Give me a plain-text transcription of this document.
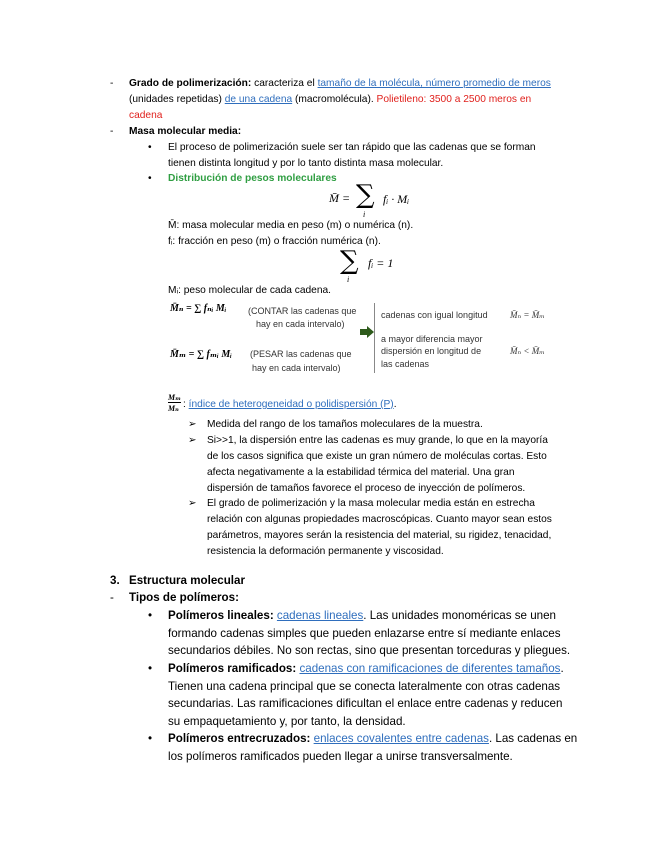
- Grado de polimerización: caracteriza el tamaño de la molécula, número promedio de meros
(unidades repetidas) de una cadena (macromolécula). Polietileno: 3500 a 2500 meros en
cadena
- Masa molecular media:
• El proceso de polimerización suele ser tan rápido que las cadenas que se forman
tienen distinta longitud y por lo tanto distinta masa molecular.
• Distribución de pesos moleculares
M̄ = ∑
i
fᵢ · Mᵢ
M̄: masa molecular media en peso (m) o numérica (n).
fᵢ: fracción en peso (m) o fracción numérica (n).
∑
i
fᵢ = 1
Mᵢ: peso molecular de cada cadena.
M̄ₙ = ∑ fₙᵢ Mᵢ (CONTAR las cadenas que
hay en cada intervalo)
M̄ₘ = ∑ fₘᵢ Mᵢ (PESAR las cadenas que
hay en cada intervalo)
cadenas con igual longitud M̄ₙ = M̄ₘ
a mayor diferencia mayor
dispersión en longitud de
las cadenas
M̄ₙ < M̄ₘ
Mₘ
Mₙ : índice de heterogeneidad o polidispersión (P).
➢ Medida del rango de los tamaños moleculares de la muestra.
➢ Si>>1, la dispersión entre las cadenas es muy grande, lo que en la mayoría
de los casos significa que existe un gran número de moléculas cortas. Esto
afecta negativamente a la estabilidad térmica del material. Una gran
dispersión de tamaños favorece el proceso de inyección de polímeros.
➢ El grado de polimerización y la masa molecular media están en estrecha
relación con algunas propiedades macroscópicas. Cuanto mayor sean estos
parámetros, mayores serán la resistencia del material, su rigidez, tenacidad,
resistencia la deformación permanente y viscosidad.
3. Estructura molecular
- Tipos de polímeros:
• Polímeros lineales: cadenas lineales. Las unidades monoméricas se unen
formando cadenas simples que pueden enlazarse entre sí mediante enlaces
secundarios débiles. No son rectas, sino que presentan torceduras y pliegues.
• Polímeros ramificados: cadenas con ramificaciones de diferentes tamaños.
Tienen una cadena principal que se conecta lateralmente con otras cadenas
secundarias. Las ramificaciones dificultan el enlace entre cadenas y reducen
su empaquetamiento y, por tanto, la densidad.
• Polímeros entrecruzados: enlaces covalentes entre cadenas. Las cadenas en
los polímeros ramificados pueden llegar a unirse transversalmente.
